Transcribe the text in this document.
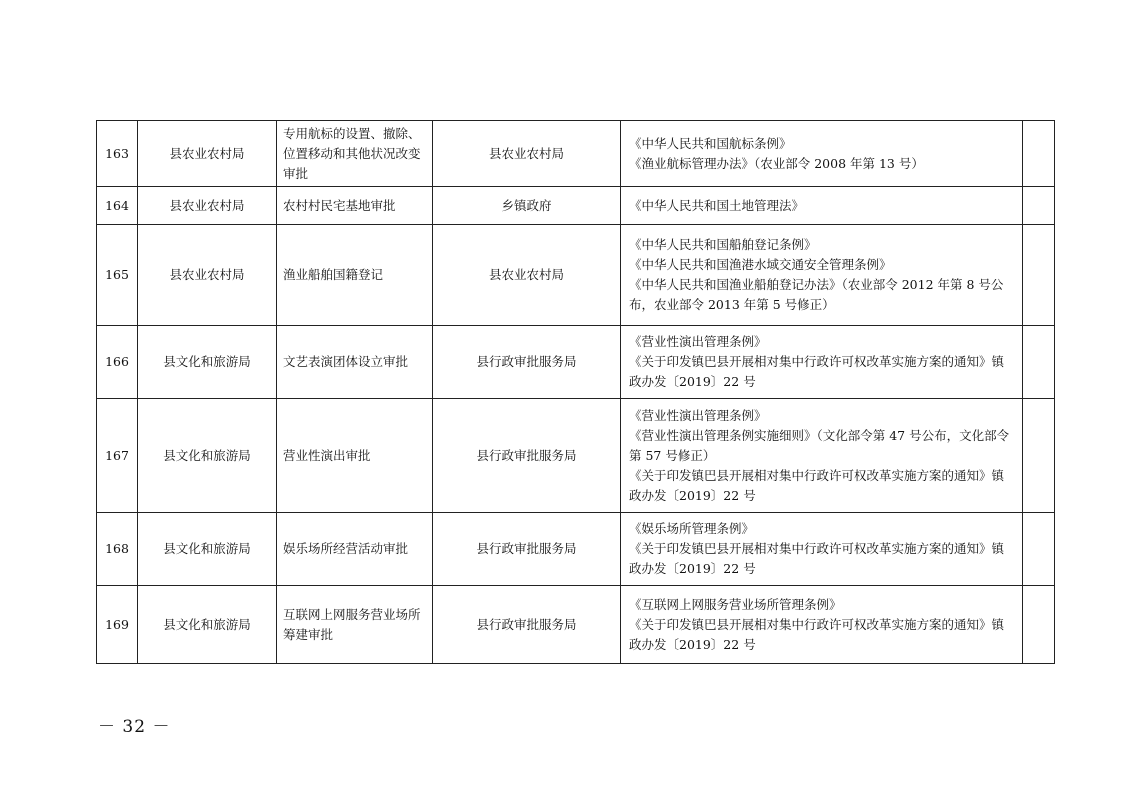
163	县农业农村局	专用航标的设置、撤除、位置移动和其他状况改变审批	县农业农村局	《中华人民共和国航标条例》
《渔业航标管理办法》（农业部令 2008 年第 13 号）	

164	县农业农村局	农村村民宅基地审批	乡镇政府	《中华人民共和国土地管理法》	

165	县农业农村局	渔业船舶国籍登记	县农业农村局	《中华人民共和国船舶登记条例》
《中华人民共和国渔港水域交通安全管理条例》
《中华人民共和国渔业船舶登记办法》（农业部令 2012 年第 8 号公布，农业部令 2013 年第 5 号修正）	

166	县文化和旅游局	文艺表演团体设立审批	县行政审批服务局	《营业性演出管理条例》
《关于印发镇巴县开展相对集中行政许可权改革实施方案的通知》镇政办发〔2019〕22 号	

167	县文化和旅游局	营业性演出审批	县行政审批服务局	《营业性演出管理条例》
《营业性演出管理条例实施细则》（文化部令第 47 号公布，文化部令第 57 号修正）
《关于印发镇巴县开展相对集中行政许可权改革实施方案的通知》镇政办发〔2019〕22 号	

168	县文化和旅游局	娱乐场所经营活动审批	县行政审批服务局	《娱乐场所管理条例》
《关于印发镇巴县开展相对集中行政许可权改革实施方案的通知》镇政办发〔2019〕22 号	

169	县文化和旅游局	互联网上网服务营业场所筹建审批	县行政审批服务局	《互联网上网服务营业场所管理条例》
《关于印发镇巴县开展相对集中行政许可权改革实施方案的通知》镇政办发〔2019〕22 号	

－ 32 －
